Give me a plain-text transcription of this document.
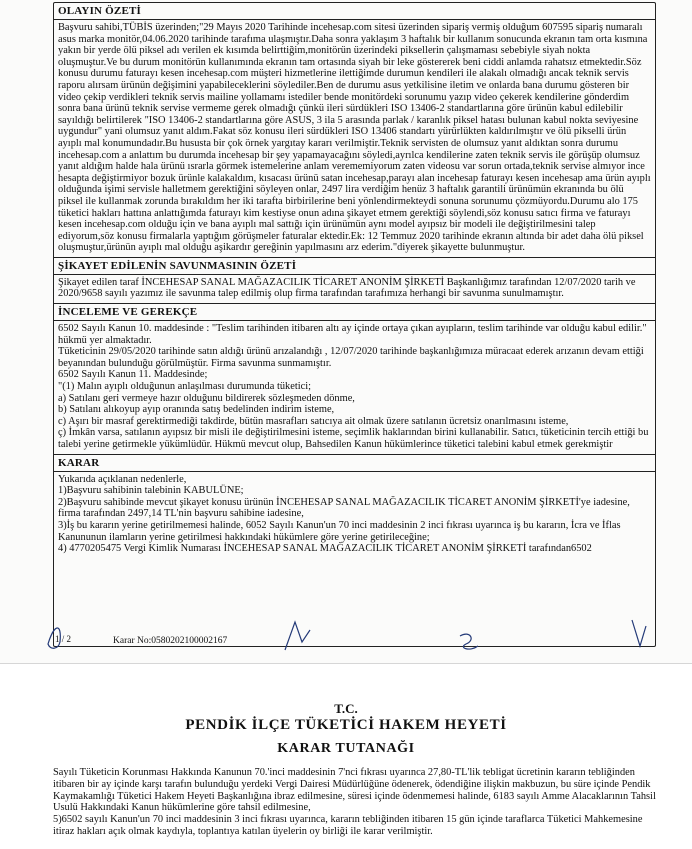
OLAYIN ÖZETİ

Başvuru sahibi,TÜBİS üzerinden;"29 Mayıs 2020 Tarihinde incehesap.com sitesi üzerinden sipariş vermiş olduğum 607595 sipariş numaralı asus marka monitör,04.06.2020 tarihinde tarafıma ulaşmıştır.Daha sonra yaklaşım 3 haftalık bir kullanım sonucunda ekranın tam orta kısmına yakın bir yerde ölü piksel adı verilen ek kısımda belirttiğim,monitörün üzerindeki piksellerin çalışmaması sebebiyle siyah nokta oluşmuştur.Ve bu durum monitörün kullanımında ekranın tam ortasında siyah bir leke göstererek beni ciddi anlamda rahatsız etmektedir.Söz konusu durumu faturayı kesen incehesap.com müşteri hizmetlerine ilettiğimde durumun kendileri ile alakalı olmadığı ancak teknik servis raporu alırsam ürünün değişimini yapabileceklerini söylediler.Ben de durumu asus yetkilisine iletim ve onlarda bana durumu gösteren bir video çekip verdikleri teknik servis mailine yollamamı istediler bende monitördeki sorunumu yazıp video çekerek kendilerine gönderdim sonra bana ürünü teknik servise vermeme gerek olmadığı çünkü ileri sürdükleri ISO 13406-2 standartlarına göre ürünün kabul edilebilir sayıldığı belirtilerek "ISO 13406-2 standartlarına göre ASUS, 3 ila 5 arasında parlak / karanlık piksel hatası bulunan kabul nokta seviyesine uygundur" yani olumsuz yanıt aldım.Fakat söz konusu ileri sürdükleri ISO 13406 standartı yürürlükten kaldırılmıştır ve ölü pikselli ürün ayıplı mal konumundadır.Bu hususta bir çok örnek yargıtay kararı verilmiştir.Teknik servisten de olumsuz yanıt aldıktan sonra durumu incehesap.com a anlattım bu durumda incehesap bir şey yapamayacağını söyledi,ayrılca kendilerine zaten teknik servis ile görüşüp olumsuz yanıt aldığım halde hala ürünü ısrarla görmek istemelerine anlam verememiyorum zaten videosu var sorun ortada,teknik servise almıyor ince hesapta değiştirmiyor bozuk ürünle kalakaldım, kısacası ürünü satan incehesap,parayı alan incehesap faturayı kesen incehesap ama ürün ayıplı olduğunda işimi servisle halletmem gerektiğini söyleyen onlar, 2497 lira verdiğim henüz 3 haftalık garantili ürünümün ekranında bu ölü piksel ile kullanmak zorunda bırakıldım her iki tarafta birbirilerine beni yönlendirmekteydi sonuna sorunumu çözmüyordu.Durumu alo 175 tüketici hakları hattına anlattığımda faturayı kim kestiyse onun adına şikayet etmem gerektiği söylendi,söz konusu satıcı firma ve faturayı kesen incehesap.com olduğu için ve bana ayıplı mal sattığı için ürünümün aynı model ayıpsız bir modeli ile değiştirilmesini talep ediyorum,söz konusu firmalarla yaptığım görüşmeler faturalar ektedir.Ek: 12 Temmuz 2020 tarihinde ekranın altında bir adet daha ölü piksel oluşmuştur,ürünün ayıplı mal olduğu aşikardır gereğinin yapılmasını arz ederim."diyerek şikayette bulunmuştur.

ŞİKAYET EDİLENİN SAVUNMASININ ÖZETİ

Şikayet edilen taraf İNCEHESAP SANAL MAĞAZACILIK TİCARET ANONİM ŞİRKETİ Başkanlığımız tarafından 12/07/2020 tarih ve 2020/9658 sayılı yazımız ile savunma talep edilmiş olup firma tarafından tarafımıza herhangi bir savunma sunulmamıştır.

İNCELEME VE GEREKÇE

6502 Sayılı Kanun 10. maddesinde : "Teslim tarihinden itibaren altı ay içinde ortaya çıkan ayıpların, teslim tarihinde var olduğu kabul edilir." hükmü yer almaktadır.

Tüketicinin 29/05/2020 tarihinde satın aldığı ürünü arızalandığı , 12/07/2020 tarihinde başkanlığımıza müracaat ederek arızanın devam ettiği beyanından bulunduğu görülmüştür. Firma savunma sunmamıştır.

6502 Sayılı Kanun 11. Maddesinde;

"(1) Malın ayıplı olduğunun anlaşılması durumunda tüketici;

a) Satılanı geri vermeye hazır olduğunu bildirerek sözleşmeden dönme,

b) Satılanı alıkoyup ayıp oranında satış bedelinden indirim isteme,

c) Aşırı bir masraf gerektirmediği takdirde, bütün masrafları satıcıya ait olmak üzere satılanın ücretsiz onarılmasını isteme,

ç) İmkân varsa, satılanın ayıpsız bir misli ile değiştirilmesini isteme, seçimlik haklarından birini kullanabilir. Satıcı, tüketicinin tercih ettiği bu talebi yerine getirmekle yükümlüdür. Hükmü mevcut olup, Bahsedilen Kanun hükümlerince tüketici talebini kabul etmek gerekmiştir

KARAR

Yukarıda açıklanan nedenlerle,

1)Başvuru sahibinin talebinin KABULÜNE;

2)Başvuru sahibinde mevcut şikayet konusu ürünün İNCEHESAP SANAL MAĞAZACILIK TİCARET ANONİM ŞİRKETİ'ye iadesine, firma tarafından 2497,14 TL'nin başvuru sahibine iadesine,

3)İş bu kararın yerine getirilmemesi halinde, 6052 Sayılı Kanun'un 70 inci maddesinin 2 inci fıkrası uyarınca iş bu kararın, İcra ve İflas Kanununun ilamların yerine getirilmesi hakkındaki hükümlere göre yerine getirileceğine;

4) 4770205475 Vergi Kimlik Numarası İNCEHESAP SANAL MAĞAZACILIK TİCARET ANONİM ŞİRKETİ tarafından6502

1 / 2	Karar No:0580202100002167
T.C.
PENDİK İLÇE TÜKETİCİ HAKEM HEYETİ
KARAR TUTANAĞI

Sayılı Tüketicin Korunması Hakkında Kanunun 70.'inci maddesinin 7'nci fıkrası uyarınca 27,80-TL'lik tebligat ücretinin kararın tebliğinden itibaren bir ay içinde karşı tarafın bulunduğu yerdeki Vergi Dairesi Müdürlüğüne ödenerek, ödendiğine ilişkin makbuzun, bu süre içinde Pendik Kaymakamlığı Tüketici Hakem Heyeti Başkanlığına ibraz edilmesine, süresi içinde ödenmemesi halinde, 6183 sayılı Amme Alacaklarının Tahsil Usulü Hakkındaki Kanun hükümlerine göre tahsil edilmesine,

5)6502 sayılı Kanun'un 70 inci maddesinin 3 inci fıkrası uyarınca, kararın tebliğinden itibaren 15 gün içinde taraflarca Tüketici Mahkemesine itiraz hakları açık olmak kaydıyla, toplantıya katılan üyelerin oy birliği ile karar verilmiştir.
